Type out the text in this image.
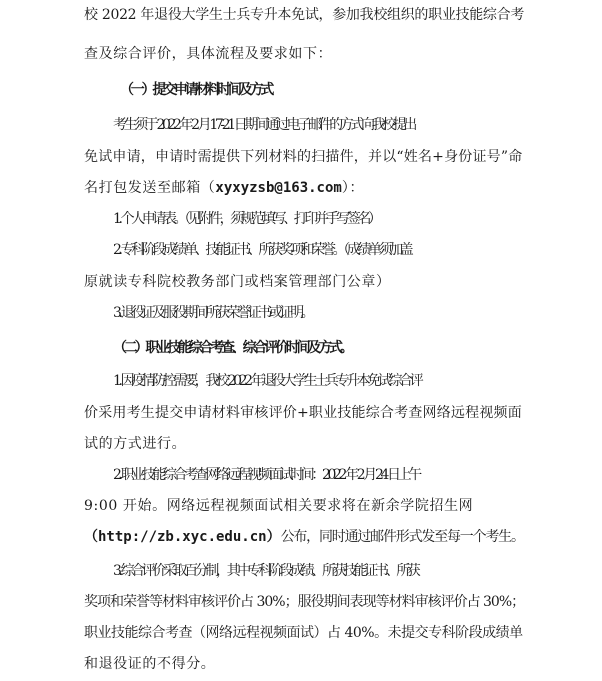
校 2022 年退役大学生士兵专升本免试，参加我校组织的职业技能综合考
查及综合评价，具体流程及要求如下：
（一）提交申请材料时间及方式
考生须于 2022 年 2 月 17-21 日期间通过电子邮件的方式向我校提出
免试申请，申请时需提供下列材料的扫描件，并以“姓名+身份证号”命
名打包发送至邮箱（xyxyzsb@163.com）：
1. 个人申请表。（见附件，须规范填写、打印并手写签名）
2. 专科阶段成绩单、技能证书、所获奖项和荣誉。（成绩单须加盖
原就读专科院校教务部门或档案管理部门公章）
3. 退役证及服役期间所获荣誉证书或证明。
（二）职业技能综合考查、综合评价时间及方式。
1. 因疫情防控需要，我校 2022 年退役大学生士兵专升本免试综合评
价采用考生提交申请材料审核评价+职业技能综合考查网络远程视频面
试的方式进行。
2. 职业技能综合考查网络远程视频面试时间：2022 年 2 月 24 日上午
9:00 开始。网络远程视频面试相关要求将在新余学院招生网
（http://zb.xyc.edu.cn）公布，同时通过邮件形式发至每一个考生。
3. 综合评价采取百分制，其中专科阶段成绩、所获技能证书、所获
奖项和荣誉等材料审核评价占 30%；服役期间表现等材料审核评价占 30%；
职业技能综合考查（网络远程视频面试）占 40%。未提交专科阶段成绩单
和退役证的不得分。
